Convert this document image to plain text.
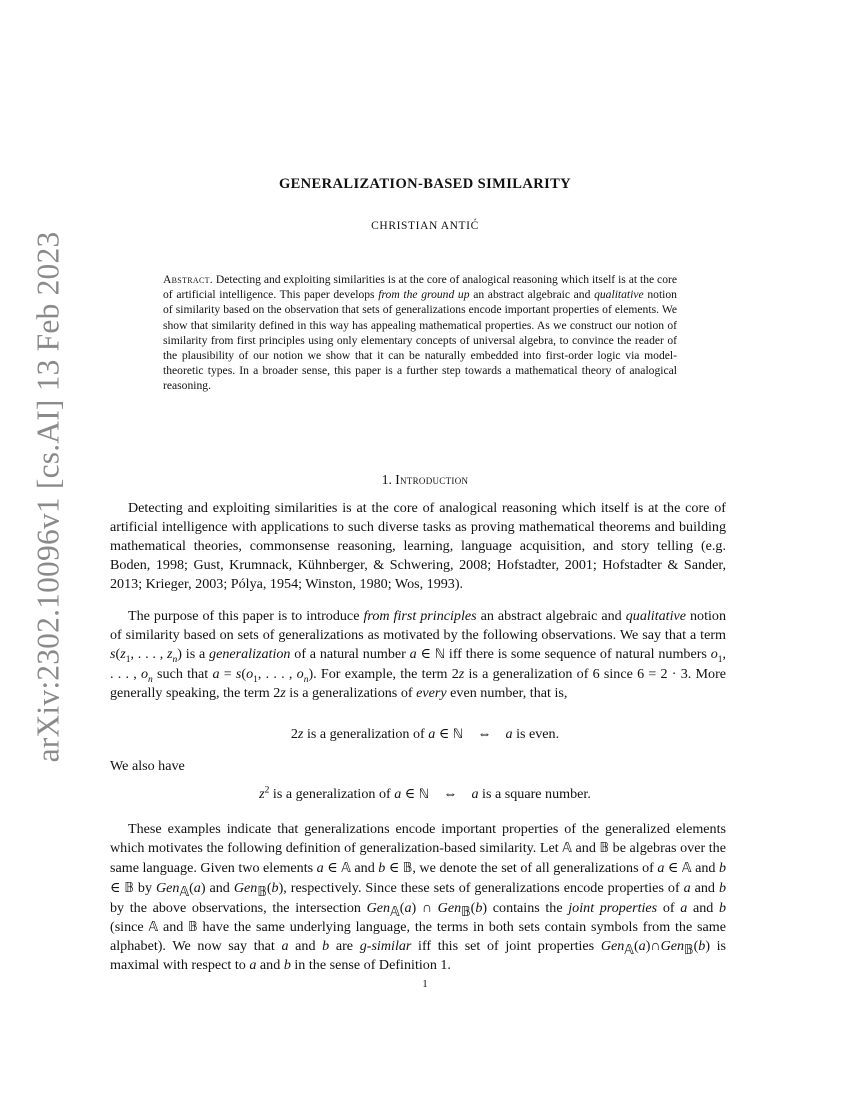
arXiv:2302.10096v1 [cs.AI] 13 Feb 2023
GENERALIZATION-BASED SIMILARITY
CHRISTIAN ANTIĆ

Abstract. Detecting and exploiting similarities is at the core of analogical reasoning which itself is at the core of artificial intelligence. This paper develops from the ground up an abstract algebraic and qualitative notion of similarity based on the observation that sets of generalizations encode important properties of elements. We show that similarity defined in this way has appealing mathematical properties. As we construct our notion of similarity from first principles using only elementary concepts of universal algebra, to convince the reader of the plausibility of our notion we show that it can be naturally embedded into first-order logic via model-theoretic types. In a broader sense, this paper is a further step towards a mathematical theory of analogical reasoning.

1. Introduction

Detecting and exploiting similarities is at the core of analogical reasoning which itself is at the core of artificial intelligence with applications to such diverse tasks as proving mathematical theorems and building mathematical theories, commonsense reasoning, learning, language acquisition, and story telling (e.g. Boden, 1998; Gust, Krumnack, Kühnberger, & Schwering, 2008; Hofstadter, 2001; Hofstadter & Sander, 2013; Krieger, 2003; Pólya, 1954; Winston, 1980; Wos, 1993).

The purpose of this paper is to introduce from first principles an abstract algebraic and qualitative notion of similarity based on sets of generalizations as motivated by the following observations. We say that a term $s(z_1$, . . . , $z_n$) is a generalization of a natural number a ∈ ℕ iff there is some sequence of natural numbers $o_1$, . . . , $o_n$ such that $a = s(o_1$, . . . , $o_n$). For example, the term 2z is a generalization of 6 since 6 = 2 · 3. More generally speaking, the term 2z is a generalizations of every even number, that is,

2z is a generalization of a ∈ ℕ    ⇔    a is even.

We also have

$z^2$ is a generalization of a ∈ ℕ    ⇔    a is a square number.

These examples indicate that generalizations encode important properties of the generalized elements which motivates the following definition of generalization-based similarity. Let 𝔸 and 𝔹 be algebras over the same language. Given two elements a ∈ 𝔸 and b ∈ 𝔹, we denote the set of all generalizations of a ∈ 𝔸 and b ∈ 𝔹 by Gen$_𝔸$(a) and Gen$_𝔹$(b), respectively. Since these sets of generalizations encode properties of a and b by the above observations, the intersection Gen$_𝔸$(a) ∩ Gen$_𝔹$(b) contains the joint properties of a and b (since 𝔸 and 𝔹 have the same underlying language, the terms in both sets contain symbols from the same alphabet). We now say that a and b are g-similar iff this set of joint properties Gen$_𝔸$(a)∩Gen$_𝔹$(b) is maximal with respect to a and b in the sense of Definition 1.

1
